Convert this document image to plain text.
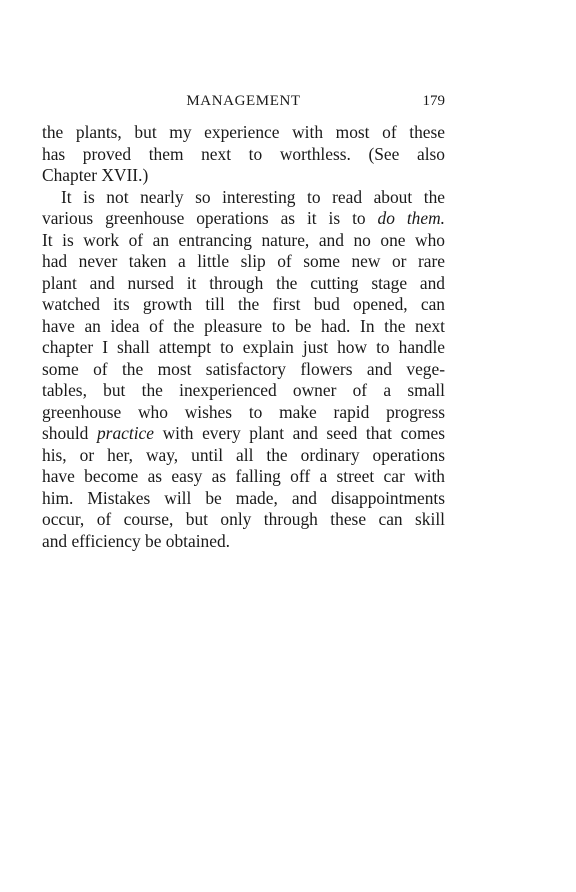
MANAGEMENT	179
the plants, but my experience with most of these
has proved them next to worthless. (See also
Chapter XVII.)
It is not nearly so interesting to read about the
various greenhouse operations as it is to do them.
It is work of an entrancing nature, and no one who
had never taken a little slip of some new or rare
plant and nursed it through the cutting stage and
watched its growth till the first bud opened, can
have an idea of the pleasure to be had. In the next
chapter I shall attempt to explain just how to handle
some of the most satisfactory flowers and vege-
tables, but the inexperienced owner of a small
greenhouse who wishes to make rapid progress
should practice with every plant and seed that comes
his, or her, way, until all the ordinary operations
have become as easy as falling off a street car with
him. Mistakes will be made, and disappointments
occur, of course, but only through these can skill
and efficiency be obtained.
